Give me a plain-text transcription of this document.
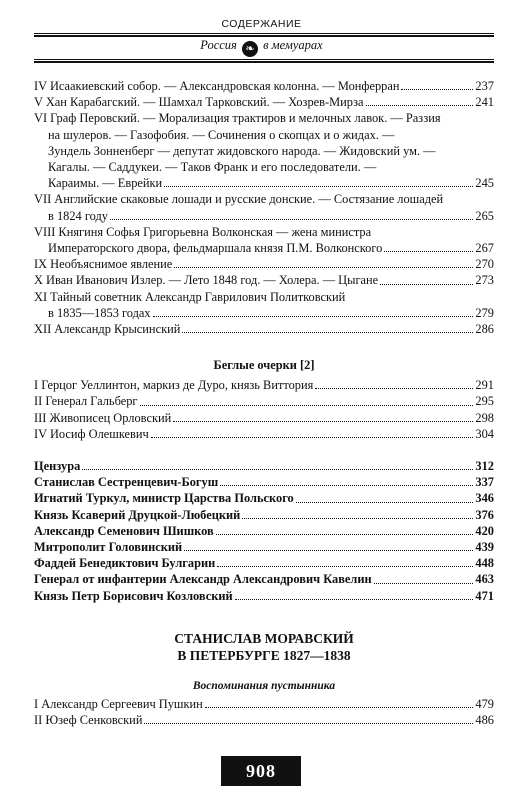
СОДЕРЖАНИЕ
Россия ❧ в мемуарах
IV Исаакиевский собор. — Александровская колонна. — Монферран	237
V Хан Карабагский. — Шамхал Тарковский. — Хозрев-Мирза	241
VI Граф Перовский. — Морализация трактиров и мелочных лавок. — Раззия
на шулеров. — Газофобия. — Сочинения о скопцах и о жидах. —
Зундель Зонненберг — депутат жидовского народа. — Жидовский ум. —
Кагалы. — Саддукеи. — Таков Франк и его последователи. —
Караимы. — Еврейки	245
VII Английские скаковые лошади и русские донские. — Состязание лошадей
в 1824 году	265
VIII Княгиня Софья Григорьевна Волконская — жена министра
Императорского двора, фельдмаршала князя П.М. Волконского	267
IX Необъяснимое явление	270
X Иван Иванович Излер. — Лето 1848 год. — Холера. — Цыгане	273
XI Тайный советник Александр Гаврилович Политковский
в 1835—1853 годах	279
XII Александр Крысинский	286
Беглые очерки [2]
I Герцог Уеллинтон, маркиз де Дуро, князь Виттория	291
II Генерал Гальберг	295
III Живописец Орловский	298
IV Иосиф Олешкевич	304
Цензура	312
Станислав Сестренцевич-Богуш	337
Игнатий Туркул, министр Царства Польского	346
Князь Ксаверий Друцкой-Любецкий	376
Александр Семенович Шишков	420
Митрополит Головинский	439
Фаддей Бенедиктович Булгарин	448
Генерал от инфантерии Александр Александрович Кавелин	463
Князь Петр Борисович Козловский	471
СТАНИСЛАВ МОРАВСКИЙ
В ПЕТЕРБУРГЕ 1827—1838
Воспоминания пустынника
I Александр Сергеевич Пушкин	479
II Юзеф Сенковский	486
908
